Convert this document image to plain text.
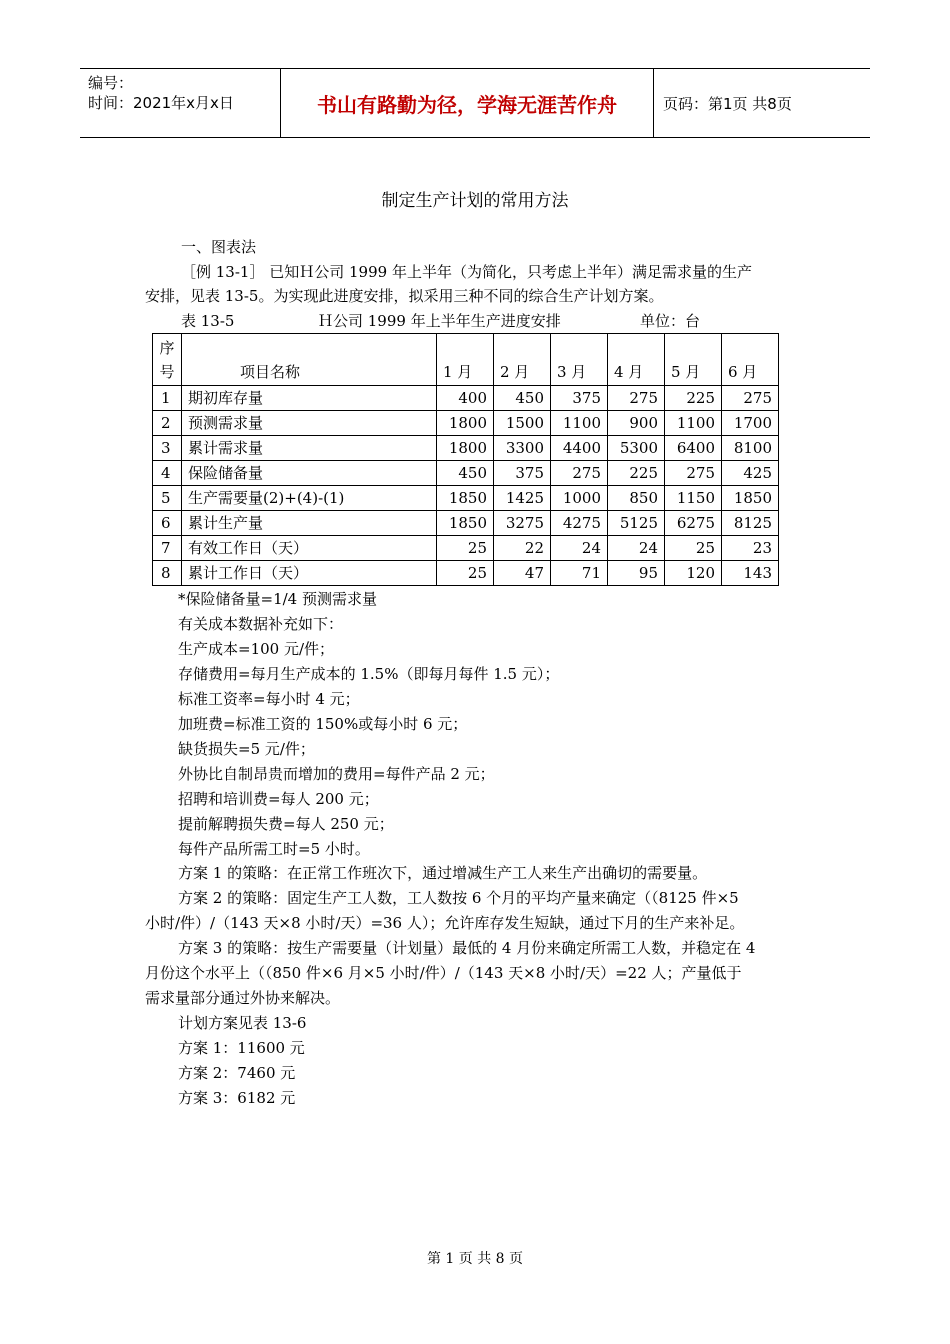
编号：
时间：2021年x月x日	书山有路勤为径，学海无涯苦作舟	页码：第1页 共8页
制定生产计划的常用方法
一、图表法
［例 13-1］ 已知Ｈ公司 1999 年上半年（为简化，只考虑上半年）满足需求量的生产
安排，见表 13-5。为实现此进度安排，拟采用三种不同的综合生产计划方案。
表 13-5	Ｈ公司 1999 年上半年生产进度安排	单位：台
序号	项目名称	1 月	2 月	3 月	4 月	5 月	6 月
1	期初库存量	400	450	375	275	225	275
2	预测需求量	1800	1500	1100	900	1100	1700
3	累计需求量	1800	3300	4400	5300	6400	8100
4	保险储备量	450	375	275	225	275	425
5	生产需要量(2)+(4)-(1)	1850	1425	1000	850	1150	1850
6	累计生产量	1850	3275	4275	5125	6275	8125
7	有效工作日（天）	25	22	24	24	25	23
8	累计工作日（天）	25	47	71	95	120	143
*保险储备量=1/4 预测需求量
有关成本数据补充如下：
生产成本=100 元/件；
存储费用=每月生产成本的 1.5%（即每月每件 1.5 元）；
标准工资率=每小时 4 元；
加班费=标准工资的 150%或每小时 6 元；
缺货损失=5 元/件；
外协比自制昂贵而增加的费用=每件产品 2 元；
招聘和培训费=每人 200 元；
提前解聘损失费=每人 250 元；
每件产品所需工时=5 小时。
方案 1 的策略：在正常工作班次下，通过增减生产工人来生产出确切的需要量。
方案 2 的策略：固定生产工人数，工人数按 6 个月的平均产量来确定（（8125 件×5
小时/件）/（143 天×8 小时/天）=36 人）；允许库存发生短缺，通过下月的生产来补足。
方案 3 的策略：按生产需要量（计划量）最低的 4 月份来确定所需工人数，并稳定在 4
月份这个水平上（（850 件×6 月×5 小时/件）/（143 天×8 小时/天）=22 人；产量低于
需求量部分通过外协来解决。
计划方案见表 13-6
方案 1：11600 元
方案 2：7460 元
方案 3：6182 元
第 1 页 共 8 页
